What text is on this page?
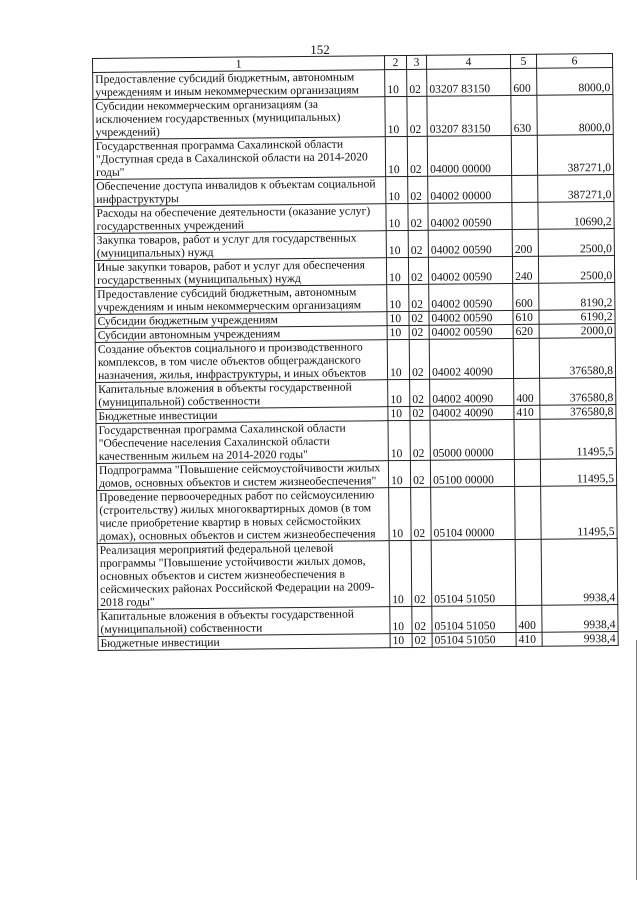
152
1	2	3	4	5	6
Предоставление субсидий бюджетным, автономным учреждениям и иным некоммерческим организациям	10	02	03207 83150	600	8000,0
Субсидии некоммерческим организациям (за исключением государственных (муниципальных) учреждений)	10	02	03207 83150	630	8000,0
Государственная программа Сахалинской области "Доступная среда в Сахалинской области на 2014-2020 годы"	10	02	04000 00000		387271,0
Обеспечение доступа инвалидов к объектам социальной инфраструктуры	10	02	04002 00000		387271,0
Расходы на обеспечение деятельности (оказание услуг) государственных учреждений	10	02	04002 00590		10690,2
Закупка товаров, работ и услуг для государственных (муниципальных) нужд	10	02	04002 00590	200	2500,0
Иные закупки товаров, работ и услуг для обеспечения государственных (муниципальных) нужд	10	02	04002 00590	240	2500,0
Предоставление субсидий бюджетным, автономным учреждениям и иным некоммерческим организациям	10	02	04002 00590	600	8190,2
Субсидии бюджетным учреждениям	10	02	04002 00590	610	6190,2
Субсидии автономным учреждениям	10	02	04002 00590	620	2000,0
Создание объектов социального и производственного комплексов, в том числе объектов общегражданского назначения, жилья, инфраструктуры, и иных объектов	10	02	04002 40090		376580,8
Капитальные вложения в объекты государственной (муниципальной) собственности	10	02	04002 40090	400	376580,8
Бюджетные инвестиции	10	02	04002 40090	410	376580,8
Государственная программа Сахалинской области "Обеспечение населения Сахалинской области качественным жильем на 2014-2020 годы"	10	02	05000 00000		11495,5
Подпрограмма "Повышение сейсмоустойчивости жилых домов, основных объектов и систем жизнеобеспечения"	10	02	05100 00000		11495,5
Проведение первоочередных работ по сейсмоусилению (строительству) жилых многоквартирных домов (в том числе приобретение квартир в новых сейсмостойких домах), основных объектов и систем жизнеобеспечения	10	02	05104 00000		11495,5
Реализация мероприятий федеральной целевой программы "Повышение устойчивости жилых домов, основных объектов и систем жизнеобеспечения в сейсмических районах Российской Федерации на 2009-2018 годы"	10	02	05104 51050		9938,4
Капитальные вложения в объекты государственной (муниципальной) собственности	10	02	05104 51050	400	9938,4
Бюджетные инвестиции	10	02	05104 51050	410	9938,4
